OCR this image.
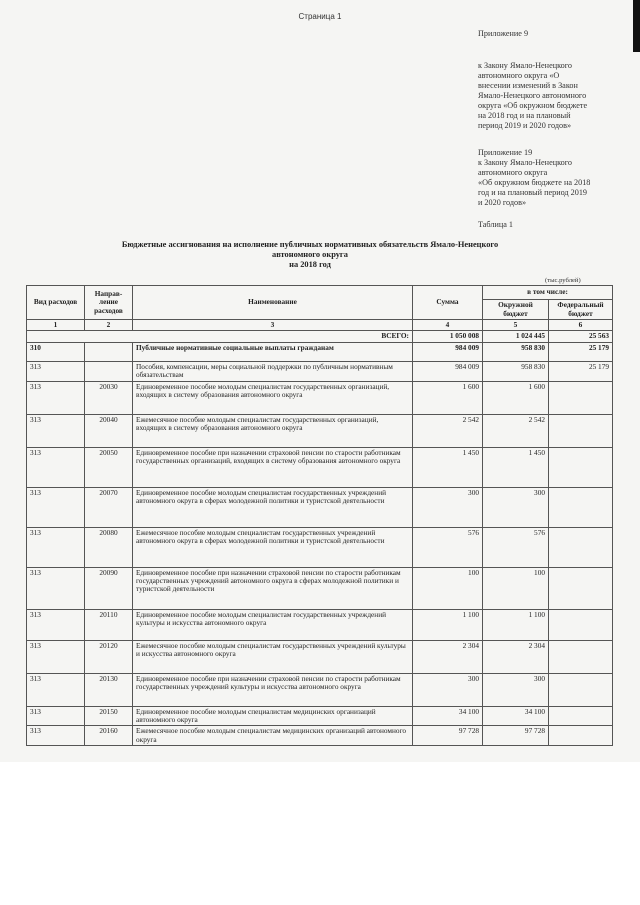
Страница 1
Приложение 9
к Закону Ямало-Ненецкого
автономного округа «О
внесении изменений в Закон
Ямало-Ненецкого автономного
округа «Об окружном бюджете
на 2018 год и на плановый
период 2019 и 2020 годов»
Приложение 19
к Закону Ямало-Ненецкого
автономного округа
«Об окружном бюджете на 2018
год и на плановый период 2019
и 2020 годов»
Таблица 1
Бюджетные ассигнования на исполнение публичных нормативных обязательств Ямало-Ненецкого
автономного округа
на 2018 год
(тыс.рублей)
Вид расходов	Направ-ление расходов	Наименование	Сумма	в том числе:	
				Окружной бюджет	Федеральный бюджет
1	2	3	4	5	6
ВСЕГО:			1 050 008	1 024 445	25 563
310		Публичные нормативные социальные выплаты гражданам	984 009	958 830	25 179
313		Пособия, компенсации, меры социальной поддержки по публичным нормативным обязательствам	984 009	958 830	25 179
313	20030	Единовременное пособие молодым специалистам государственных организаций, входящих в систему образования автономного округа	1 600	1 600	
313	20040	Ежемесячное пособие молодым специалистам государственных организаций, входящих в систему образования автономного округа	2 542	2 542	
313	20050	Единовременное пособие при назначении страховой пенсии по старости работникам государственных организаций, входящих в систему образования автономного округа	1 450	1 450	
313	20070	Единовременное пособие молодым специалистам государственных учреждений автономного округа в сферах молодежной политики и туристской деятельности	300	300	
313	20080	Ежемесячное пособие молодым специалистам государственных учреждений автономного округа в сферах молодежной политики и туристской деятельности	576	576	
313	20090	Единовременное пособие при назначении страховой пенсии по старости работникам государственных учреждений автономного округа в сферах молодежной политики и туристской деятельности	100	100	
313	20110	Единовременное пособие молодым специалистам государственных учреждений культуры и искусства автономного округа	1 100	1 100	
313	20120	Ежемесячное пособие молодым специалистам государственных учреждений культуры и искусства автономного округа	2 304	2 304	
313	20130	Единовременное пособие при назначении страховой пенсии по старости работникам государственных учреждений культуры и искусства автономного округа	300	300	
313	20150	Единовременное пособие молодым специалистам медицинских организаций автономного округа	34 100	34 100	
313	20160	Ежемесячное пособие молодым специалистам медицинских организаций автономного округа	97 728	97 728	
